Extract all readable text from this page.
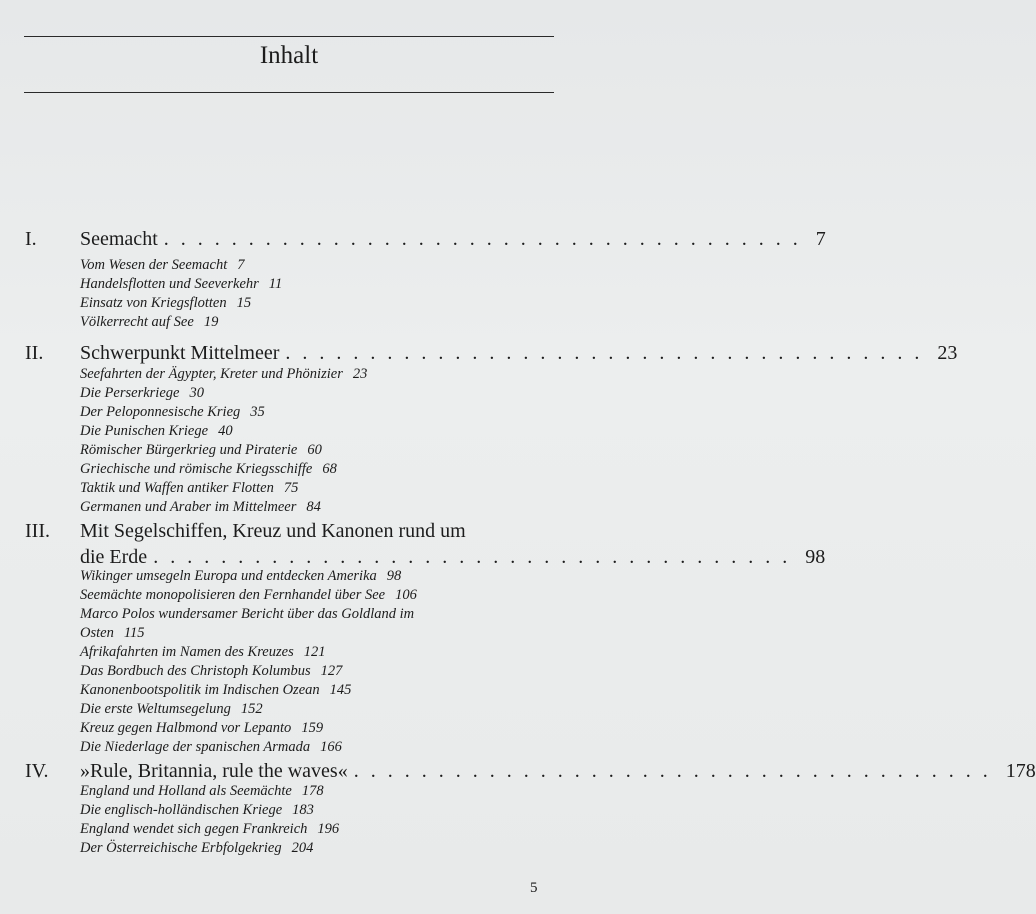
Inhalt
I. Seemacht ...................................... 7
Vom Wesen der Seemacht 7
Handelsflotten und Seeverkehr 11
Einsatz von Kriegsflotten 15
Völkerrecht auf See 19
II. Schwerpunkt Mittelmeer ...................................... 23
Seefahrten der Ägypter, Kreter und Phönizier 23
Die Perserkriege 30
Der Peloponnesische Krieg 35
Die Punischen Kriege 40
Römischer Bürgerkrieg und Piraterie 60
Griechische und römische Kriegsschiffe 68
Taktik und Waffen antiker Flotten 75
Germanen und Araber im Mittelmeer 84
III. Mit Segelschiffen, Kreuz und Kanonen rund um
die Erde ...................................... 98
Wikinger umsegeln Europa und entdecken Amerika 98
Seemächte monopolisieren den Fernhandel über See 106
Marco Polos wundersamer Bericht über das Goldland im
Osten 115
Afrikafahrten im Namen des Kreuzes 121
Das Bordbuch des Christoph Kolumbus 127
Kanonenbootspolitik im Indischen Ozean 145
Die erste Weltumsegelung 152
Kreuz gegen Halbmond vor Lepanto 159
Die Niederlage der spanischen Armada 166
IV. »Rule, Britannia, rule the waves« ...................................... 178
England und Holland als Seemächte 178
Die englisch-holländischen Kriege 183
England wendet sich gegen Frankreich 196
Der Österreichische Erbfolgekrieg 204
5
